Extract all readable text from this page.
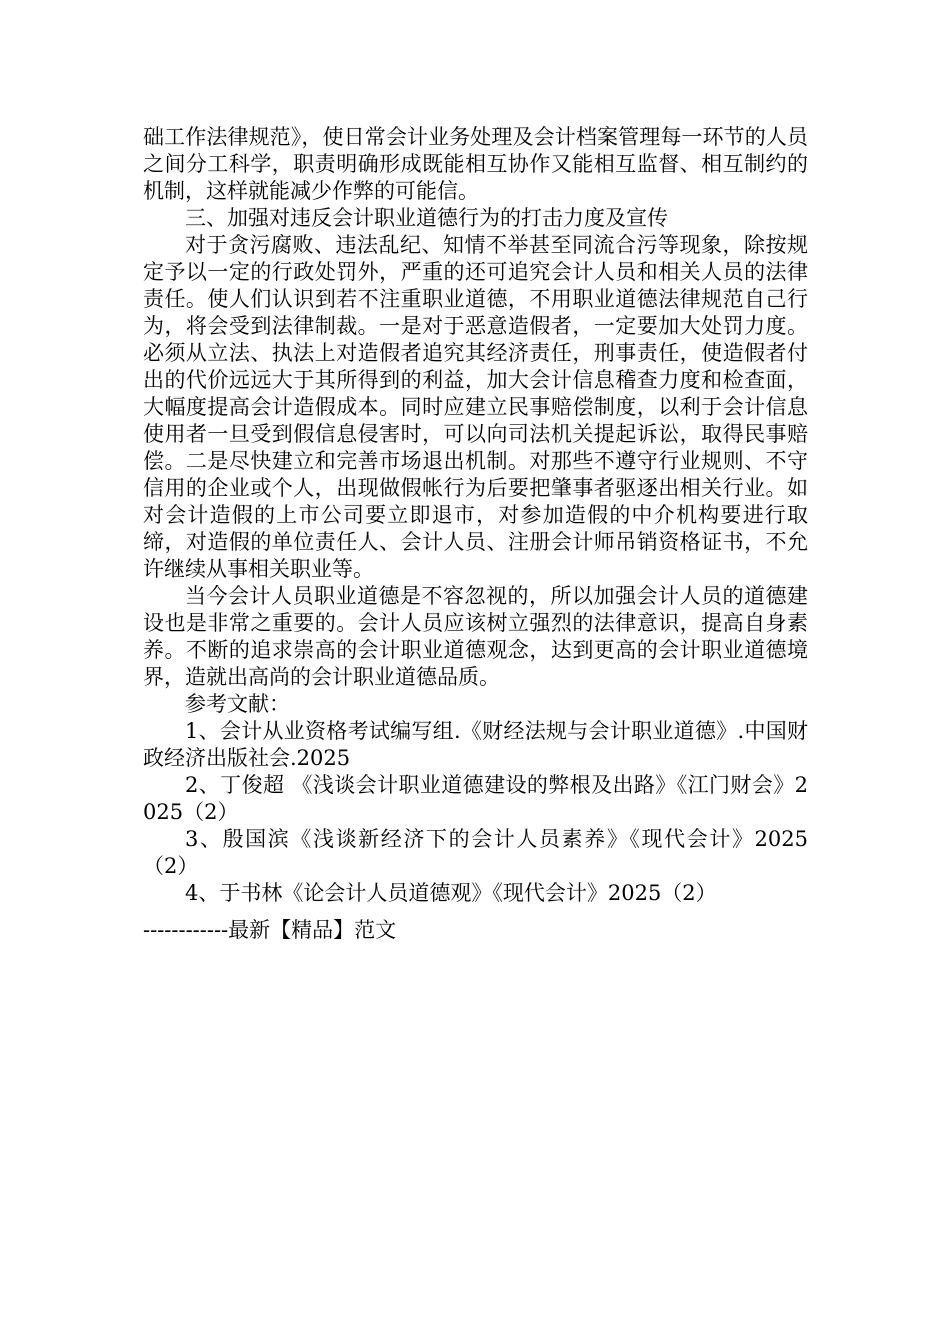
础工作法律规范》，使日常会计业务处理及会计档案管理每一环节的人员之间分工科学，职责明确形成既能相互协作又能相互监督、相互制约的机制，这样就能减少作弊的可能信。

三、加强对违反会计职业道德行为的打击力度及宣传

对于贪污腐败、违法乱纪、知情不举甚至同流合污等现象，除按规定予以一定的行政处罚外，严重的还可追究会计人员和相关人员的法律责任。使人们认识到若不注重职业道德，不用职业道德法律规范自己行为，将会受到法律制裁。一是对于恶意造假者，一定要加大处罚力度。必须从立法、执法上对造假者追究其经济责任，刑事责任，使造假者付出的代价远远大于其所得到的利益，加大会计信息稽查力度和检查面，大幅度提高会计造假成本。同时应建立民事赔偿制度，以利于会计信息使用者一旦受到假信息侵害时，可以向司法机关提起诉讼，取得民事赔偿。二是尽快建立和完善市场退出机制。对那些不遵守行业规则、不守信用的企业或个人，出现做假帐行为后要把肇事者驱逐出相关行业。如对会计造假的上市公司要立即退市，对参加造假的中介机构要进行取缔，对造假的单位责任人、会计人员、注册会计师吊销资格证书，不允许继续从事相关职业等。

当今会计人员职业道德是不容忽视的，所以加强会计人员的道德建设也是非常之重要的。会计人员应该树立强烈的法律意识，提高自身素养。不断的追求崇高的会计职业道德观念，达到更高的会计职业道德境界，造就出高尚的会计职业道德品质。

参考文献：

1、会计从业资格考试编写组.《财经法规与会计职业道德》.中国财政经济出版社会.2025

2、丁俊超 《浅谈会计职业道德建设的弊根及出路》《江门财会》2025（2）

3、殷国滨《浅谈新经济下的会计人员素养》《现代会计》2025（2）

4、于书林《论会计人员道德观》《现代会计》2025（2）

------------最新【精品】范文
